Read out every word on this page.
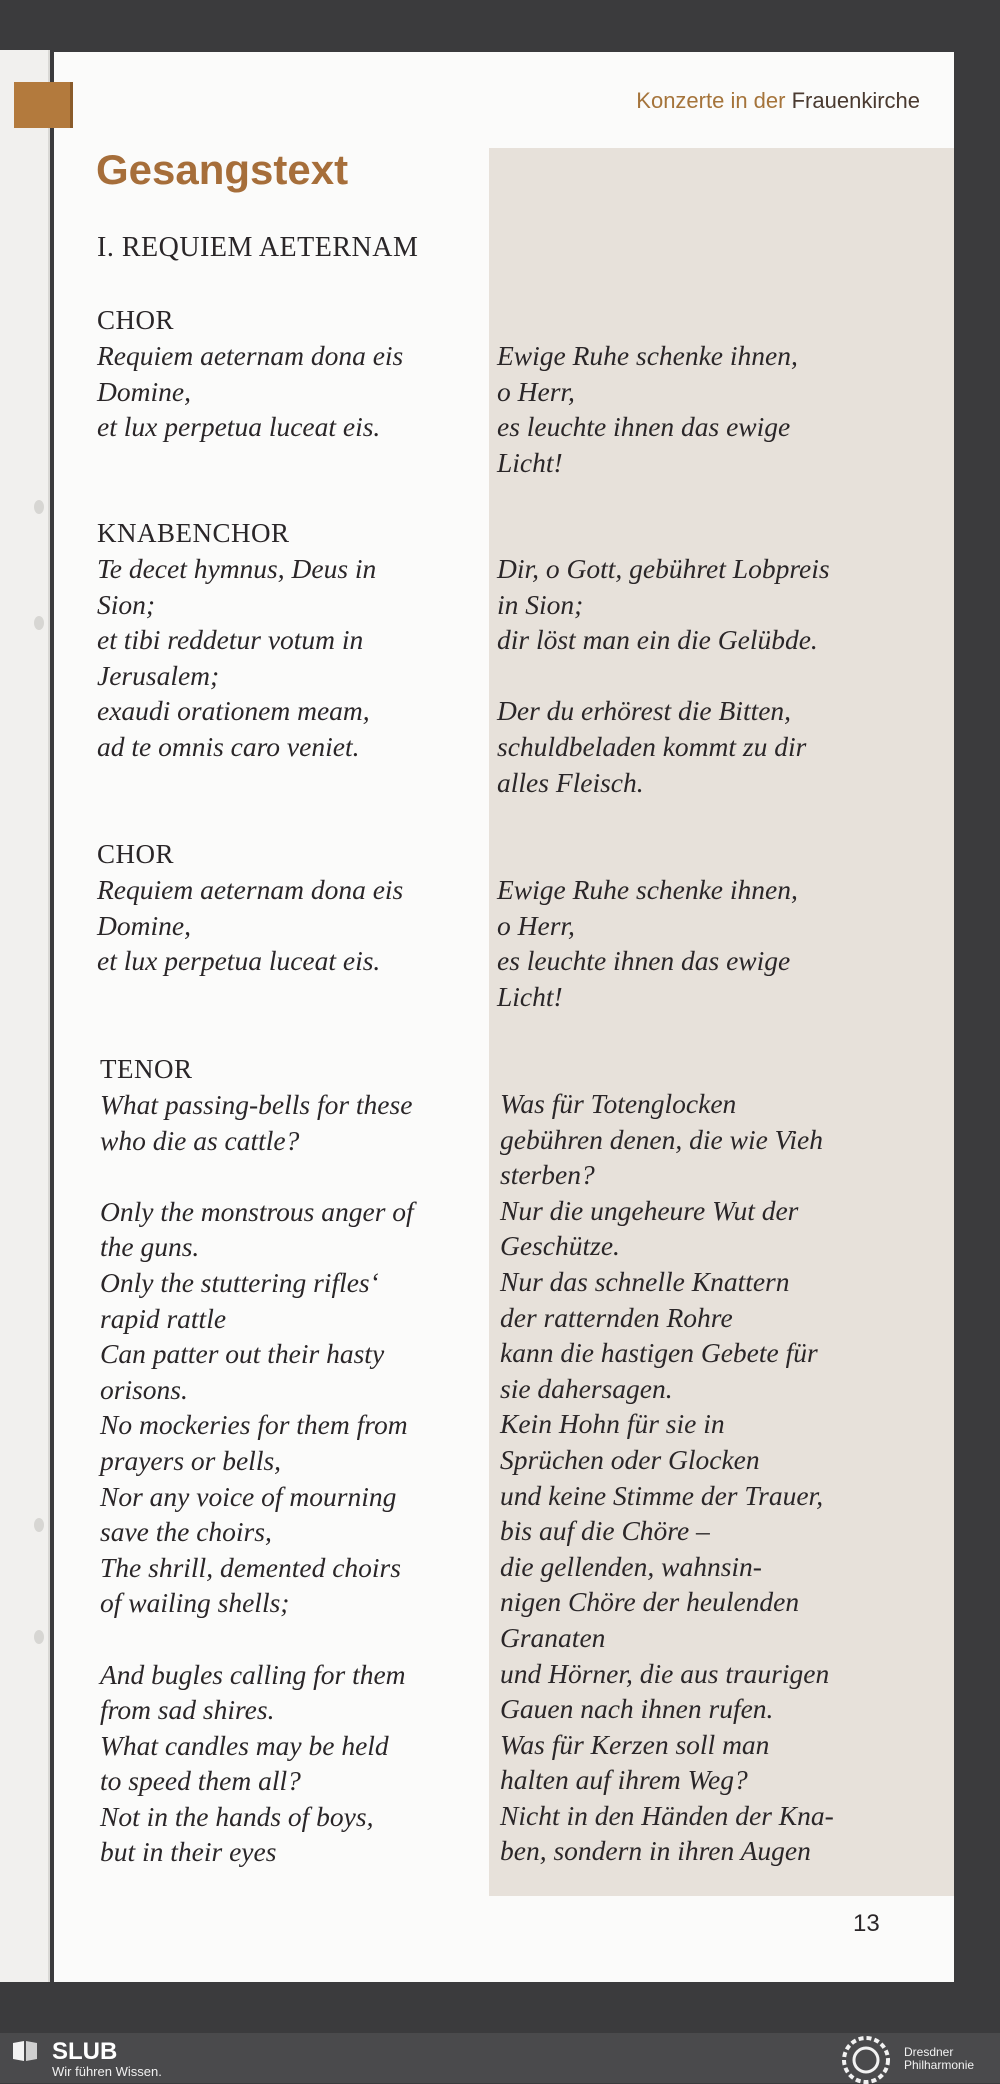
Konzerte in der Frauenkirche
Gesangstext
I. REQUIEM AETERNAM
CHOR
Requiem aeternam dona eis
Domine,
et lux perpetua luceat eis.
Ewige Ruhe schenke ihnen,
o Herr,
es leuchte ihnen das ewige
Licht!
KNABENCHOR
Te decet hymnus, Deus in
Sion;
et tibi reddetur votum in
Jerusalem;
exaudi orationem meam,
ad te omnis caro veniet.
Dir, o Gott, gebühret Lobpreis
in Sion;
dir löst man ein die Gelübde.
Der du erhörest die Bitten,
schuldbeladen kommt zu dir
alles Fleisch.
CHOR
Requiem aeternam dona eis
Domine,
et lux perpetua luceat eis.
Ewige Ruhe schenke ihnen,
o Herr,
es leuchte ihnen das ewige
Licht!
TENOR
What passing-bells for these
who die as cattle?
Only the monstrous anger of
the guns.
Only the stuttering rifles‘
rapid rattle
Can patter out their hasty
orisons.
No mockeries for them from
prayers or bells,
Nor any voice of mourning
save the choirs,
The shrill, demented choirs
of wailing shells;
And bugles calling for them
from sad shires.
What candles may be held
to speed them all?
Not in the hands of boys,
but in their eyes
Was für Totenglocken
gebühren denen, die wie Vieh
sterben?
Nur die ungeheure Wut der
Geschütze.
Nur das schnelle Knattern
der ratternden Rohre
kann die hastigen Gebete für
sie dahersagen.
Kein Hohn für sie in
Sprüchen oder Glocken
und keine Stimme der Trauer,
bis auf die Chöre –
die gellenden, wahnsin-
nigen Chöre der heulenden
Granaten
und Hörner, die aus traurigen
Gauen nach ihnen rufen.
Was für Kerzen soll man
halten auf ihrem Weg?
Nicht in den Händen der Kna-
ben, sondern in ihren Augen
13
SLUB
Wir führen Wissen.
Dresdner
Philharmonie
